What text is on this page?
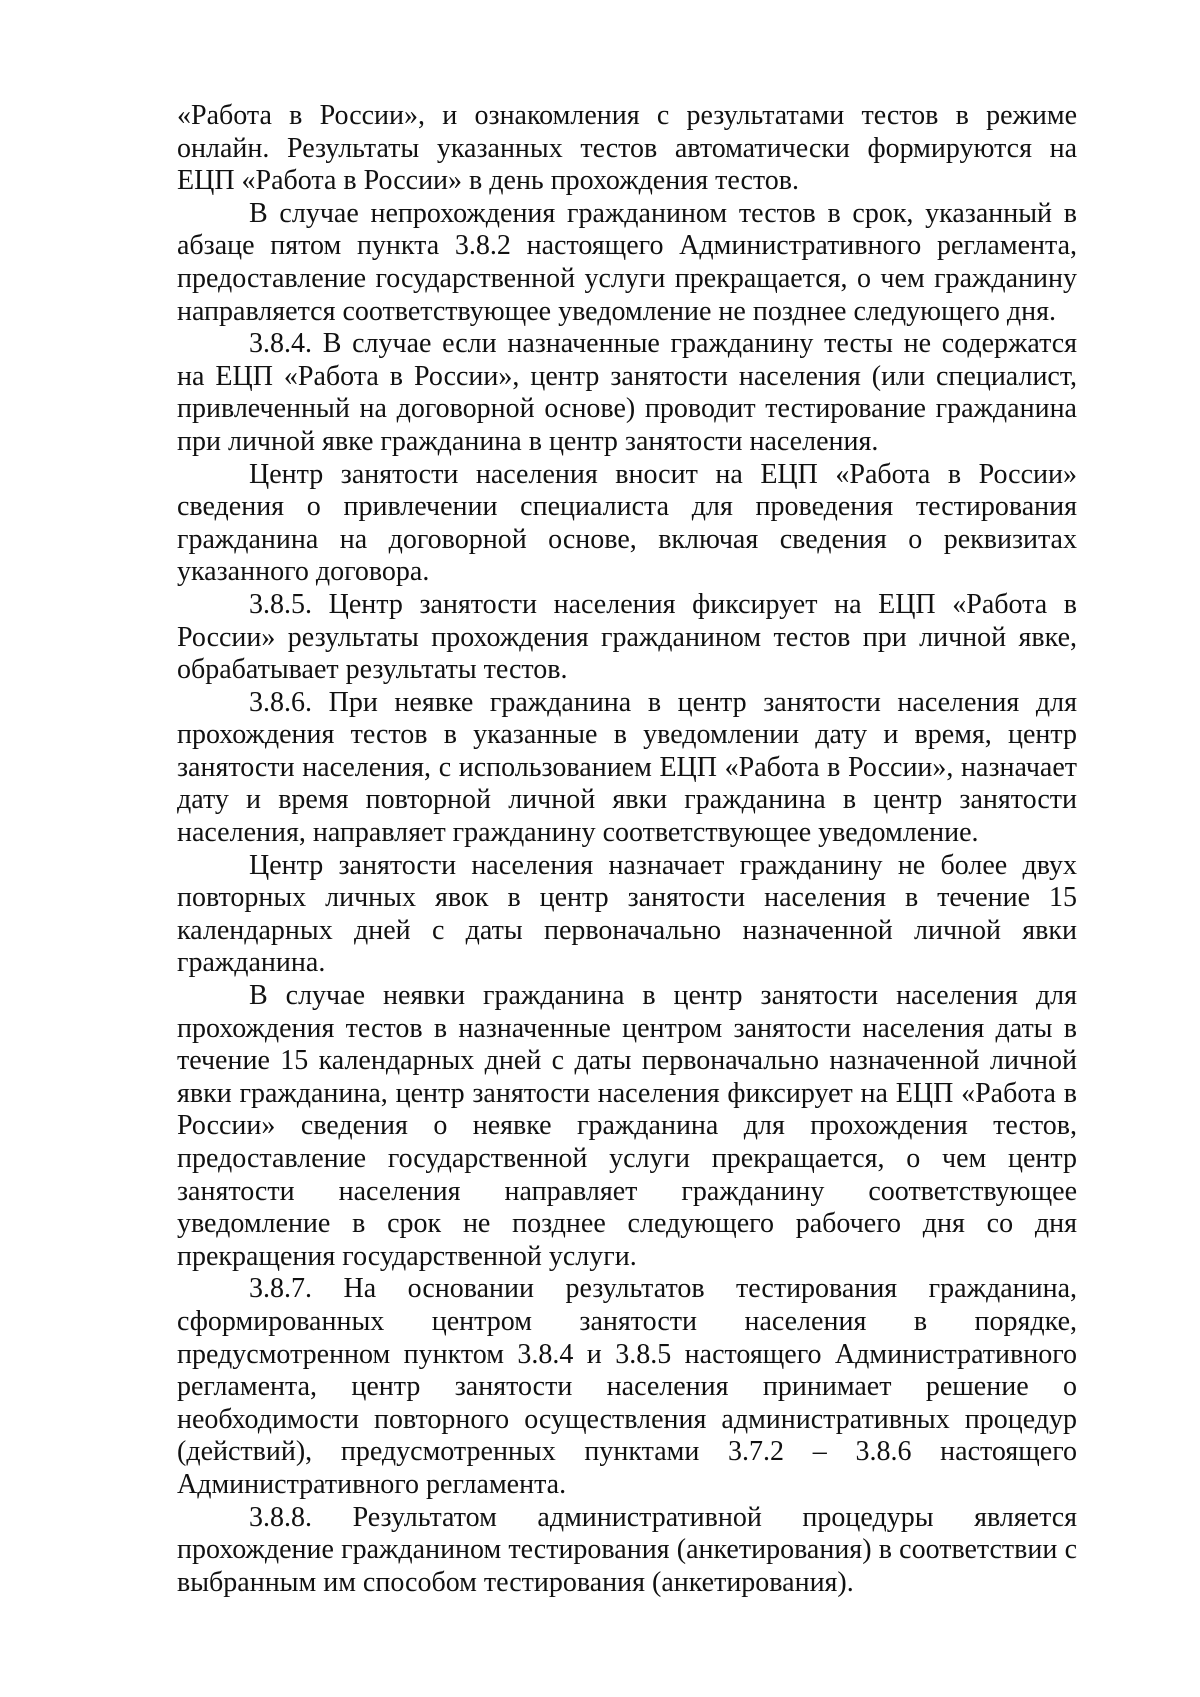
«Работа в России», и ознакомления с результатами тестов в режиме онлайн. Результаты указанных тестов автоматически формируются на ЕЦП «Работа в России» в день прохождения тестов.

В случае непрохождения гражданином тестов в срок, указанный в абзаце пятом пункта 3.8.2 настоящего Административного регламента, предоставление государственной услуги прекращается, о чем гражданину направляется соответствующее уведомление не позднее следующего дня.

3.8.4. В случае если назначенные гражданину тесты не содержатся на ЕЦП «Работа в России», центр занятости населения (или специалист, привлеченный на договорной основе) проводит тестирование гражданина при личной явке гражданина в центр занятости населения.

Центр занятости населения вносит на ЕЦП «Работа в России» сведения о привлечении специалиста для проведения тестирования гражданина на договорной основе, включая сведения о реквизитах указанного договора.

3.8.5. Центр занятости населения фиксирует на ЕЦП «Работа в России» результаты прохождения гражданином тестов при личной явке, обрабатывает результаты тестов.

3.8.6. При неявке гражданина в центр занятости населения для прохождения тестов в указанные в уведомлении дату и время, центр занятости населения, с использованием ЕЦП «Работа в России», назначает дату и время повторной личной явки гражданина в центр занятости населения, направляет гражданину соответствующее уведомление.

Центр занятости населения назначает гражданину не более двух повторных личных явок в центр занятости населения в течение 15 календарных дней с даты первоначально назначенной личной явки гражданина.

В случае неявки гражданина в центр занятости населения для прохождения тестов в назначенные центром занятости населения даты в течение 15 календарных дней с даты первоначально назначенной личной явки гражданина, центр занятости населения фиксирует на ЕЦП «Работа в России» сведения о неявке гражданина для прохождения тестов, предоставление государственной услуги прекращается, о чем центр занятости населения направляет гражданину соответствующее уведомление в срок не позднее следующего рабочего дня со дня прекращения государственной услуги.

3.8.7. На основании результатов тестирования гражданина, сформированных центром занятости населения в порядке, предусмотренном пунктом 3.8.4 и 3.8.5 настоящего Административного регламента, центр занятости населения принимает решение о необходимости повторного осуществления административных процедур (действий), предусмотренных пунктами 3.7.2 – 3.8.6 настоящего Административного регламента.

3.8.8. Результатом административной процедуры является прохождение гражданином тестирования (анкетирования) в соответствии с выбранным им способом тестирования (анкетирования).
